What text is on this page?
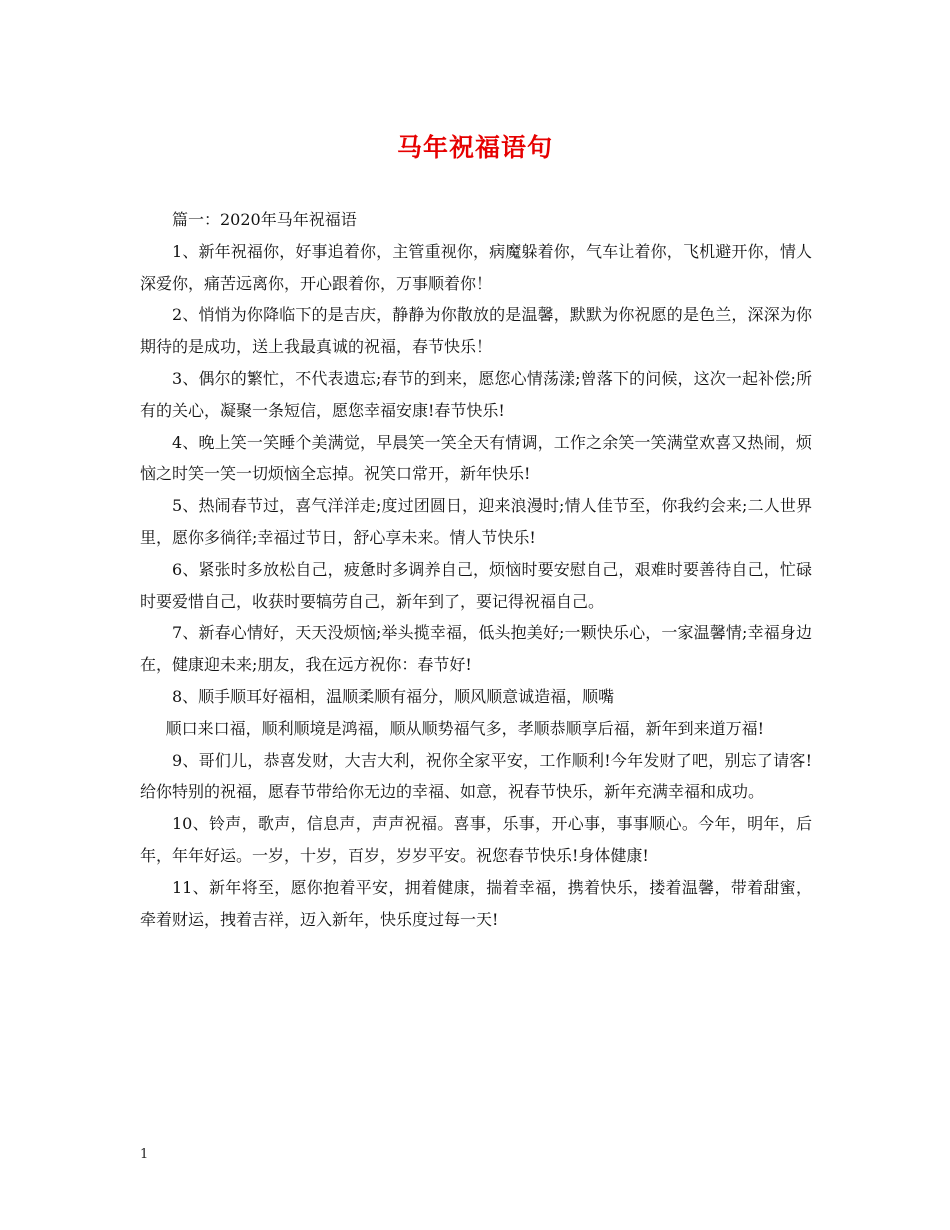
马年祝福语句

篇一：2020年马年祝福语

1、新年祝福你，好事追着你，主管重视你，病魔躲着你，气车让着你，飞机避开你，情人深爱你，痛苦远离你，开心跟着你，万事顺着你！

2、悄悄为你降临下的是吉庆，静静为你散放的是温馨，默默为你祝愿的是色兰，深深为你期待的是成功，送上我最真诚的祝福，春节快乐！

3、偶尔的繁忙，不代表遗忘;春节的到来，愿您心情荡漾;曾落下的问候，这次一起补偿;所有的关心，凝聚一条短信，愿您幸福安康!春节快乐!

4、晚上笑一笑睡个美满觉，早晨笑一笑全天有情调，工作之余笑一笑满堂欢喜又热闹，烦恼之时笑一笑一切烦恼全忘掉。祝笑口常开，新年快乐!

5、热闹春节过，喜气洋洋走;度过团圆日，迎来浪漫时;情人佳节至，你我约会来;二人世界里，愿你多徜徉;幸福过节日，舒心享未来。情人节快乐!

6、紧张时多放松自己，疲惫时多调养自己，烦恼时要安慰自己，艰难时要善待自己，忙碌时要爱惜自己，收获时要犒劳自己，新年到了，要记得祝福自己。

7、新春心情好，天天没烦恼;举头揽幸福，低头抱美好;一颗快乐心，一家温馨情;幸福身边在，健康迎未来;朋友，我在远方祝你：春节好!

8、顺手顺耳好福相，温顺柔顺有福分，顺风顺意诚造福，顺嘴

顺口来口福，顺利顺境是鸿福，顺从顺势福气多，孝顺恭顺享后福，新年到来道万福!

9、哥们儿，恭喜发财，大吉大利，祝你全家平安，工作顺利!今年发财了吧，别忘了请客!给你特别的祝福，愿春节带给你无边的幸福、如意，祝春节快乐，新年充满幸福和成功。

10、铃声，歌声，信息声，声声祝福。喜事，乐事，开心事，事事顺心。今年，明年，后年，年年好运。一岁，十岁，百岁，岁岁平安。祝您春节快乐!身体健康!

11、新年将至，愿你抱着平安，拥着健康，揣着幸福，携着快乐，搂着温馨，带着甜蜜，牵着财运，拽着吉祥，迈入新年，快乐度过每一天!

1
